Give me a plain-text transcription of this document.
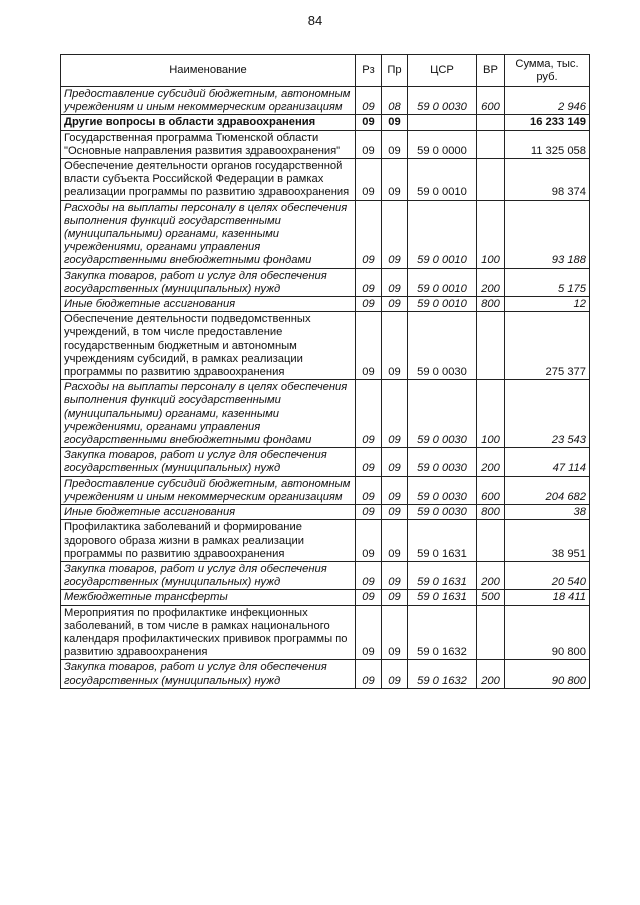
84
Наименование	Рз	Пр	ЦСР	ВР	Сумма, тыс. руб.
Предоставление субсидий бюджетным, автономным учреждениям и иным некоммерческим организациям	09	08	59 0 0030	600	2 946
Другие вопросы в области здравоохранения	09	09			16 233 149
Государственная программа Тюменской области "Основные направления развития здравоохранения"	09	09	59 0 0000		11 325 058
Обеспечение деятельности органов государственной власти субъекта Российской Федерации в рамках реализации программы по развитию здравоохранения	09	09	59 0 0010		98 374
Расходы на выплаты персоналу в целях обеспечения выполнения функций государственными (муниципальными) органами, казенными учреждениями, органами управления государственными внебюджетными фондами	09	09	59 0 0010	100	93 188
Закупка товаров, работ и услуг для обеспечения государственных (муниципальных) нужд	09	09	59 0 0010	200	5 175
Иные бюджетные ассигнования	09	09	59 0 0010	800	12
Обеспечение деятельности подведомственных учреждений, в том числе предоставление государственным бюджетным и автономным учреждениям субсидий, в рамках реализации программы по развитию здравоохранения	09	09	59 0 0030		275 377
Расходы на выплаты персоналу в целях обеспечения выполнения функций государственными (муниципальными) органами, казенными учреждениями, органами управления государственными внебюджетными фондами	09	09	59 0 0030	100	23 543
Закупка товаров, работ и услуг для обеспечения государственных (муниципальных) нужд	09	09	59 0 0030	200	47 114
Предоставление субсидий бюджетным, автономным учреждениям и иным некоммерческим организациям	09	09	59 0 0030	600	204 682
Иные бюджетные ассигнования	09	09	59 0 0030	800	38
Профилактика заболеваний и формирование здорового образа жизни в рамках реализации программы по развитию здравоохранения	09	09	59 0 1631		38 951
Закупка товаров, работ и услуг для обеспечения государственных (муниципальных) нужд	09	09	59 0 1631	200	20 540
Межбюджетные трансферты	09	09	59 0 1631	500	18 411
Мероприятия по профилактике инфекционных заболеваний, в том числе в рамках национального календаря профилактических прививок программы по развитию здравоохранения	09	09	59 0 1632		90 800
Закупка товаров, работ и услуг для обеспечения государственных (муниципальных) нужд	09	09	59 0 1632	200	90 800
